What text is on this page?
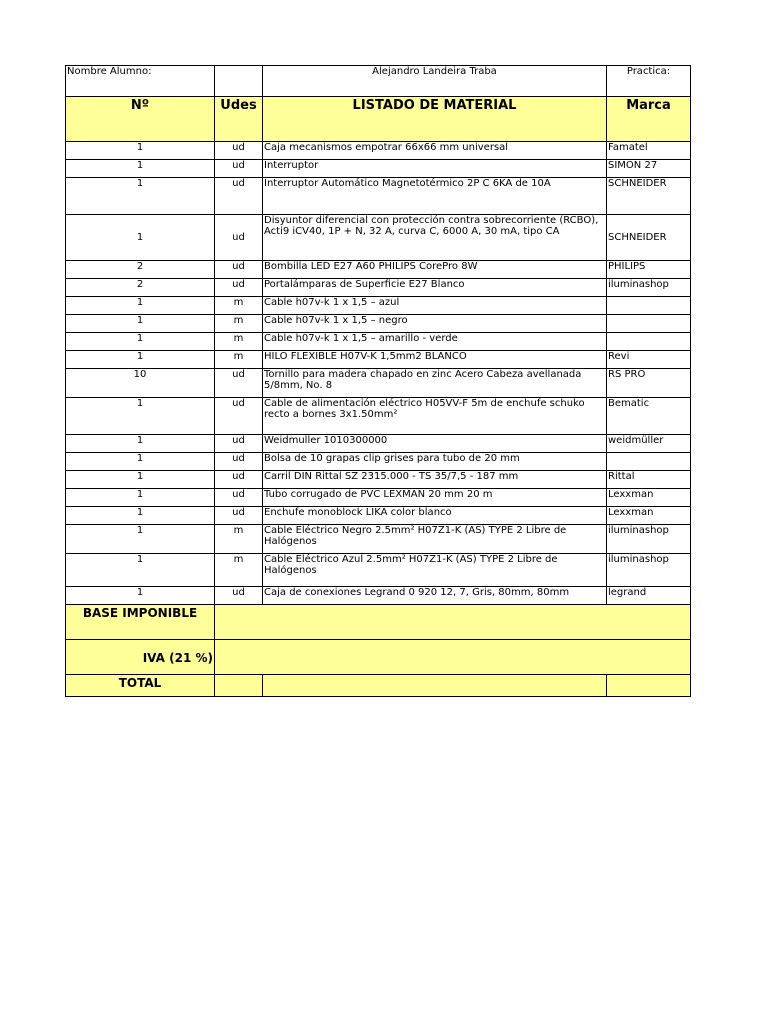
Nombre Alumno:		Alejandro Landeira Traba	Practica:
Nº	Udes	LISTADO DE MATERIAL	Marca
1	ud	Caja mecanismos empotrar 66x66 mm universal	Famatel
1	ud	Interruptor	SIMON 27
1	ud	Interruptor Automático Magnetotérmico 2P C 6KA de 10A	SCHNEIDER
1	ud	Disyuntor diferencial con protección contra sobrecorriente (RCBO), Acti9 iCV40, 1P + N, 32 A, curva C, 6000 A, 30 mA, tipo CA	SCHNEIDER
2	ud	Bombilla LED E27 A60 PHILIPS CorePro 8W	PHILIPS
2	ud	Portalámparas de Superficie E27 Blanco	iluminashop
1	m	Cable h07v-k 1 x 1,5 – azul	
1	m	Cable h07v-k 1 x 1,5 – negro	
1	m	Cable h07v-k 1 x 1,5 – amarillo - verde	
1	m	HILO FLEXIBLE H07V-K 1,5mm2 BLANCO	Revi
10	ud	Tornillo para madera chapado en zinc Acero Cabeza avellanada 5/8mm, No. 8	RS PRO
1	ud	Cable de alimentación eléctrico H05VV-F 5m de enchufe schuko recto a bornes 3x1.50mm²	Bematic
1	ud	Weidmuller 1010300000	weidmüller
1	ud	Bolsa de 10 grapas clip grises para tubo de 20 mm	
1	ud	Carril DIN Rittal SZ 2315.000 - TS 35/7,5 - 187 mm	Rittal
1	ud	Tubo corrugado de PVC LEXMAN 20 mm 20 m	Lexxman
1	ud	Enchufe monoblock LIKA color blanco	Lexxman
1	m	Cable Eléctrico Negro 2.5mm² H07Z1-K (AS) TYPE 2 Libre de Halógenos	iluminashop
1	m	Cable Eléctrico Azul 2.5mm² H07Z1-K (AS) TYPE 2 Libre de Halógenos	iluminashop
1	ud	Caja de conexiones Legrand 0 920 12, 7, Gris, 80mm, 80mm	legrand
BASE IMPONIBLE			
IVA (21 %)			
TOTAL			
